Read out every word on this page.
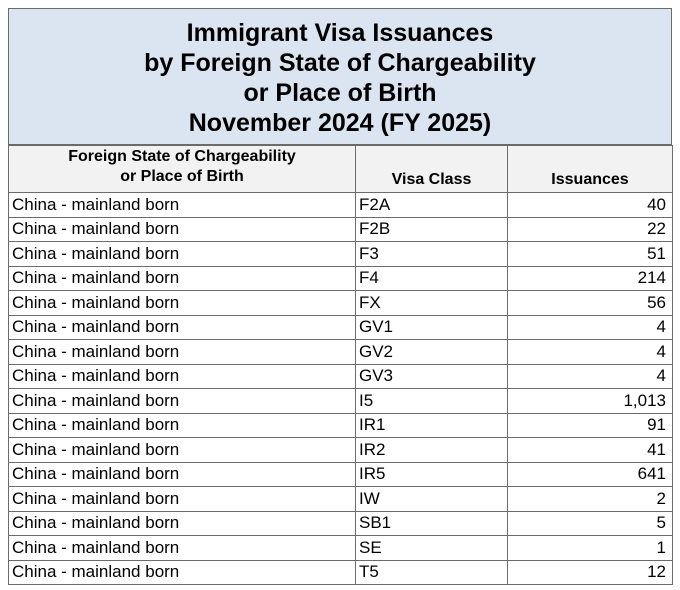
Immigrant Visa Issuances
by Foreign State of Chargeability
or Place of Birth
November 2024 (FY 2025)
Foreign State of Chargeability
or Place of Birth	Visa Class	Issuances
China - mainland born	F2A	40
China - mainland born	F2B	22
China - mainland born	F3	51
China - mainland born	F4	214
China - mainland born	FX	56
China - mainland born	GV1	4
China - mainland born	GV2	4
China - mainland born	GV3	4
China - mainland born	I5	1,013
China - mainland born	IR1	91
China - mainland born	IR2	41
China - mainland born	IR5	641
China - mainland born	IW	2
China - mainland born	SB1	5
China - mainland born	SE	1
China - mainland born	T5	12
